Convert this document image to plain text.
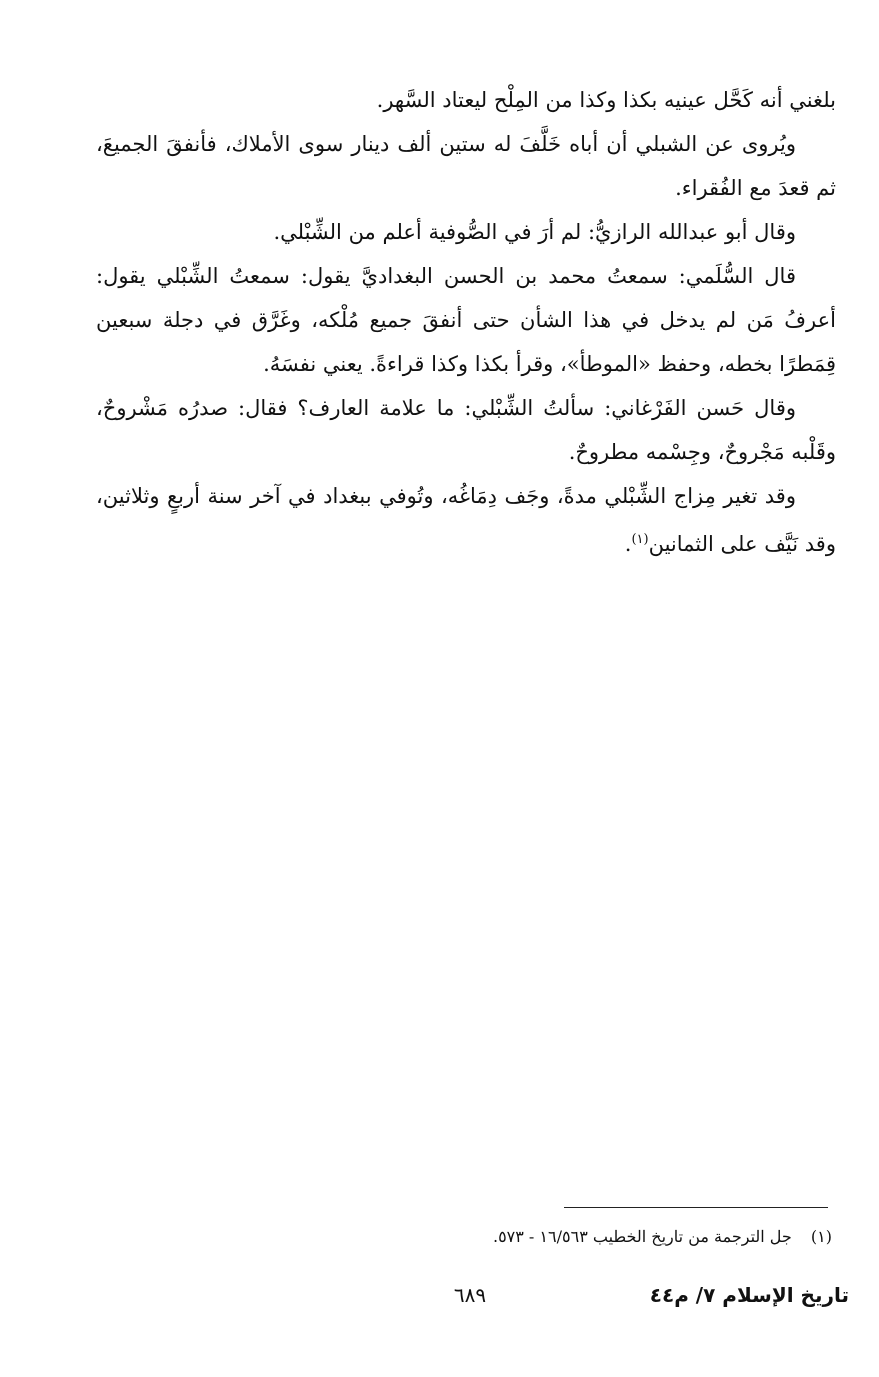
بلغني أنه كَحَّل عينيه بكذا وكذا من المِلْح ليعتاد السَّهر.

ويُروى عن الشبلي أن أباه خَلَّفَ له ستين ألف دينار سوى الأملاك، فأنفقَ الجميعَ، ثم قعدَ مع الفُقراء.

وقال أبو عبدالله الرازيُّ: لم أرَ في الصُّوفية أعلم من الشِّبْلي.

قال السُّلَمي: سمعتُ محمد بن الحسن البغداديَّ يقول: سمعتُ الشِّبْلي يقول: أعرفُ مَن لم يدخل في هذا الشأن حتى أنفقَ جميع مُلْكه، وغَرَّق في دجلة سبعين قِمَطرًا بخطه، وحفظ «الموطأ»، وقرأ بكذا وكذا قراءةً. يعني نفسَهُ.

وقال حَسن الفَرْغاني: سألتُ الشِّبْلي: ما علامة العارف؟ فقال: صدرُه مَشْروحٌ، وقَلْبه مَجْروحٌ، وجِسْمه مطروحٌ.

وقد تغير مِزاج الشِّبْلي مدةً، وجَف دِمَاغُه، وتُوفي ببغداد في آخر سنة أربعٍ وثلاثين، وقد نَيَّف على الثمانين$^{(١)}$.

(١) جل الترجمة من تاريخ الخطيب ١٦/٥٦٣ - ٥٧٣.
تاريخ الإسلام ٧/ م٤٤
٦٨٩
